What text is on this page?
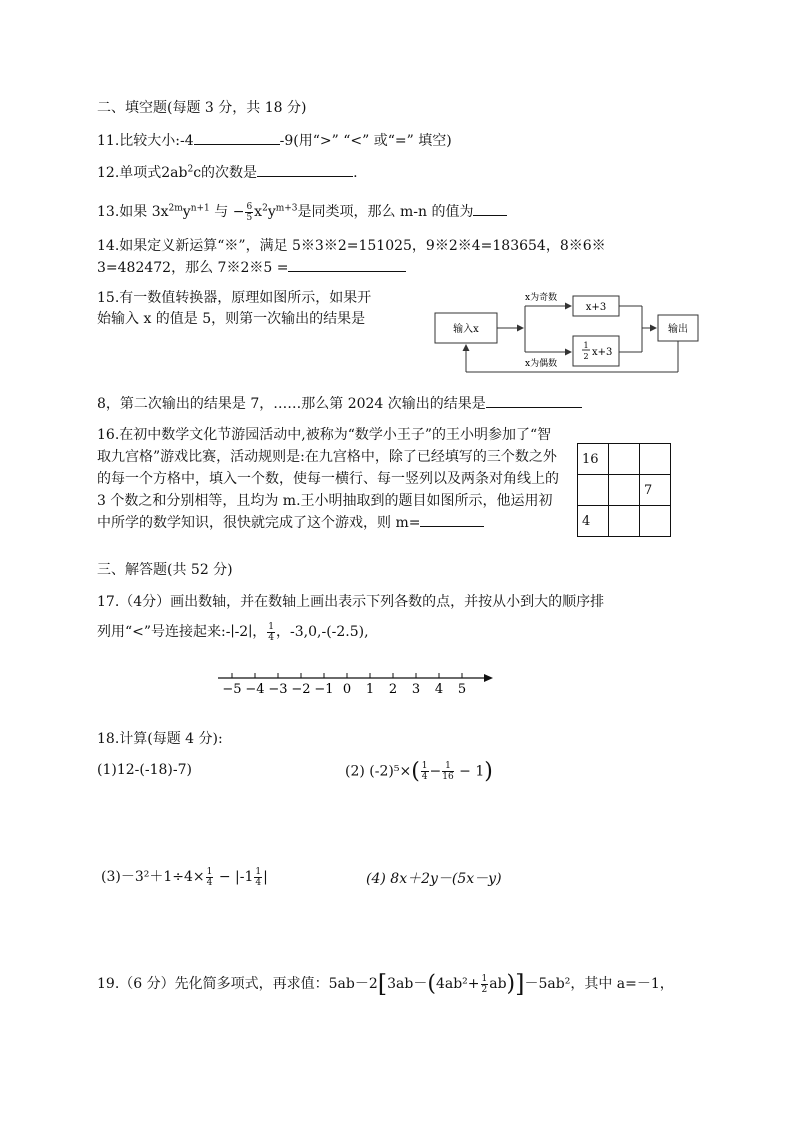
二、填空题(每题 3 分，共 18 分)
11.比较大小:-4	-9(用“>” “<” 或“=” 填空)
12.单项式$2ab^2c$的次数是	.
13.如果 $3x^{2m}y^{n+1}$ 与 − $\frac{6}{5} x^2y^{m+3}$是同类项，那么 m-n 的值为
14.如果定义新运算“※”，满足 5※3※2=151025，9※2※4=183654，8※6※
3=482472，那么 7※2※5 =
15.有一数值转换器，原理如图所示，如果开
始输入 x 的值是 5，则第一次输出的结果是
输入x
x为奇数
x为偶数
x+3
1
2 x+3
输出
8，第二次输出的结果是 7，……那么第 2024 次输出的结果是
16.在初中数学文化节游园活动中,被称为“数学小王子”的王小明参加了“智取九宫格”游戏比赛，活动规则是:在九宫格中，除了已经填写的三个数之外的每一个方格中，填入一个数，使每一横行、每一竖列以及两条对角线上的 3 个数之和分别相等，且均为 m.王小明抽取到的题目如图所示，他运用初中所学的数学知识，很快就完成了这个游戏，则 m=
16		
		7
4		
三、解答题(共 52 分)
17.（4分）画出数轴，并在数轴上画出表示下列各数的点，并按从小到大的顺序排
列用“<”号连接起来:-∣-2∣， $\frac{1}{4}$ ，-3,0,-(-2.5),
−5 −4 −3 −2 −1 0 1 2 3 4 5
18.计算(每题 4 分):
(1)12-(-18)-7)	(2) $(-2)^5\times( \frac{1}{4} - \frac{1}{16} - 1)$
$(3)-3^2+1\div 4\times \frac{1}{4} - |-1 \frac{1}{4}$ |	(4) 8x＋2y－(5x－y)
19.（6 分）先化简多项式，再求值：$5ab-2[3ab-(4ab^2+ \frac{1}{2} ab)]-5ab^2$，其中 a=－1，
